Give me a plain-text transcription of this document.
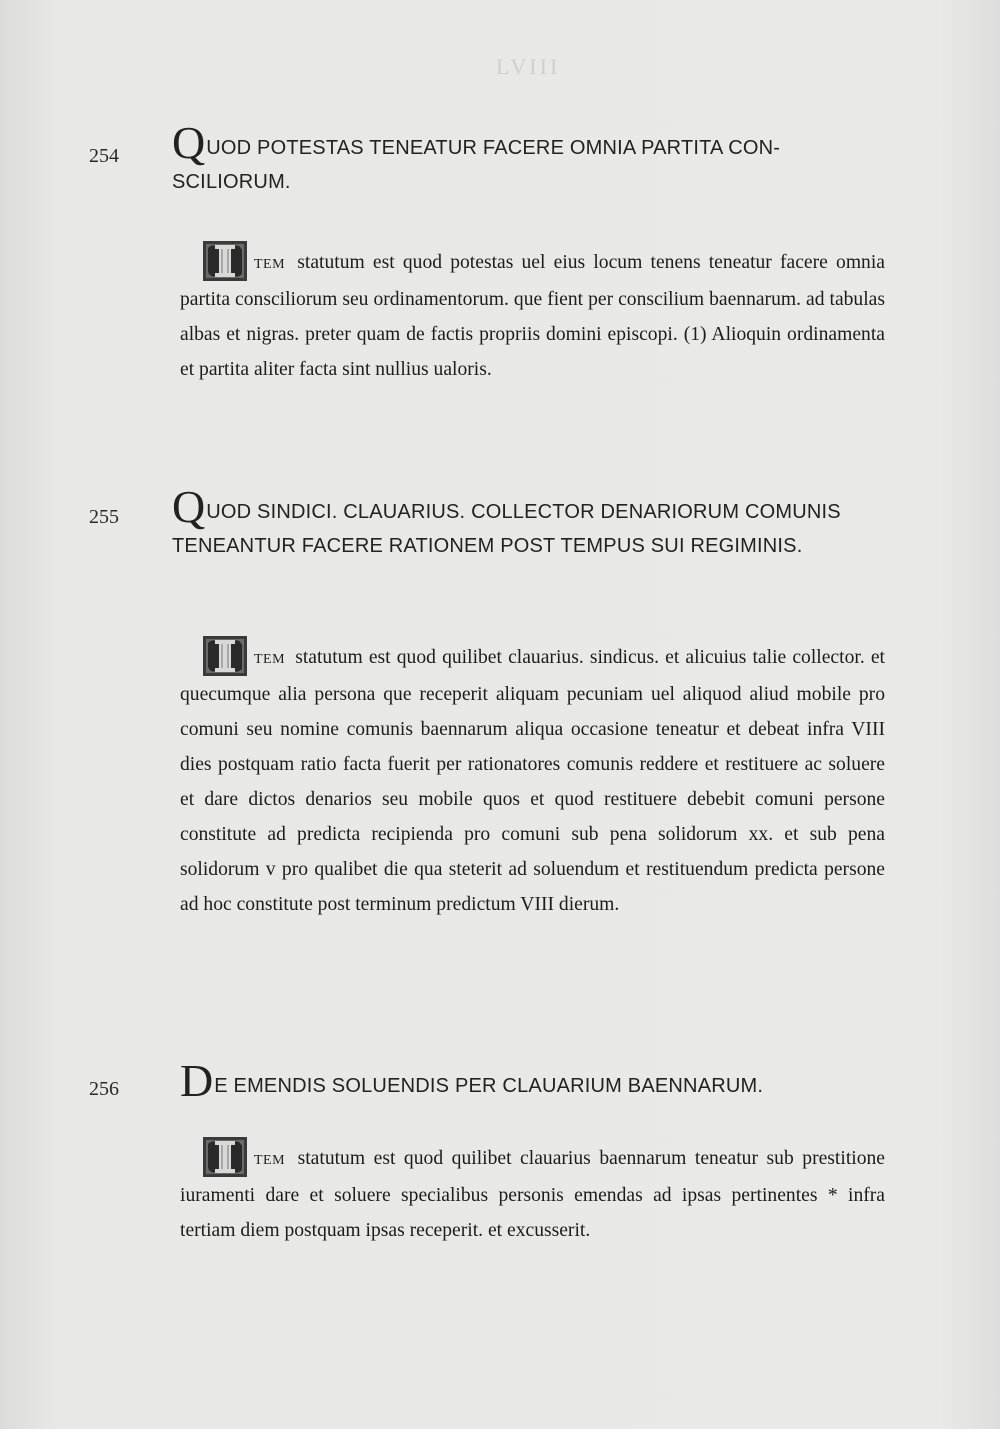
LVIII
254 QUOD POTESTAS TENEATUR FACERE OMNIA PARTITA CON-SCILIORUM.
TEM statutum est quod potestas uel eius locum tenens teneatur facere omnia partita consciliorum seu ordinamentorum. que fient per conscilium baennarum. ad tabulas albas et nigras. preter quam de factis propriis domini episcopi. (1) Alioquin ordinamenta et partita aliter facta sint nullius ualoris.
255 QUOD SINDICI. CLAUARIUS. COLLECTOR DENARIORUM COMUNIS TENEANTUR FACERE RATIONEM POST TEMPUS SUI REGIMINIS.
TEM statutum est quod quilibet clauarius. sindicus. et alicuius talie collector. et quecumque alia persona que receperit aliquam pecuniam uel aliquod aliud mobile pro comuni seu nomine comunis baennarum aliqua occasione teneatur et debeat infra VIII dies postquam ratio facta fuerit per rationatores comunis reddere et restituere ac soluere et dare dictos denarios seu mobile quos et quod restituere debebit comuni persone constitute ad predicta recipienda pro comuni sub pena solidorum xx. et sub pena solidorum v pro qualibet die qua steterit ad soluendum et restituendum predicta persone ad hoc constitute post terminum predictum VIII dierum.
256 DE EMENDIS SOLUENDIS PER CLAUARIUM BAENNARUM.
TEM statutum est quod quilibet clauarius baennarum teneatur sub prestitione iuramenti dare et soluere specialibus personis emendas ad ipsas pertinentes * infra tertiam diem postquam ipsas receperit. et excusserit.
